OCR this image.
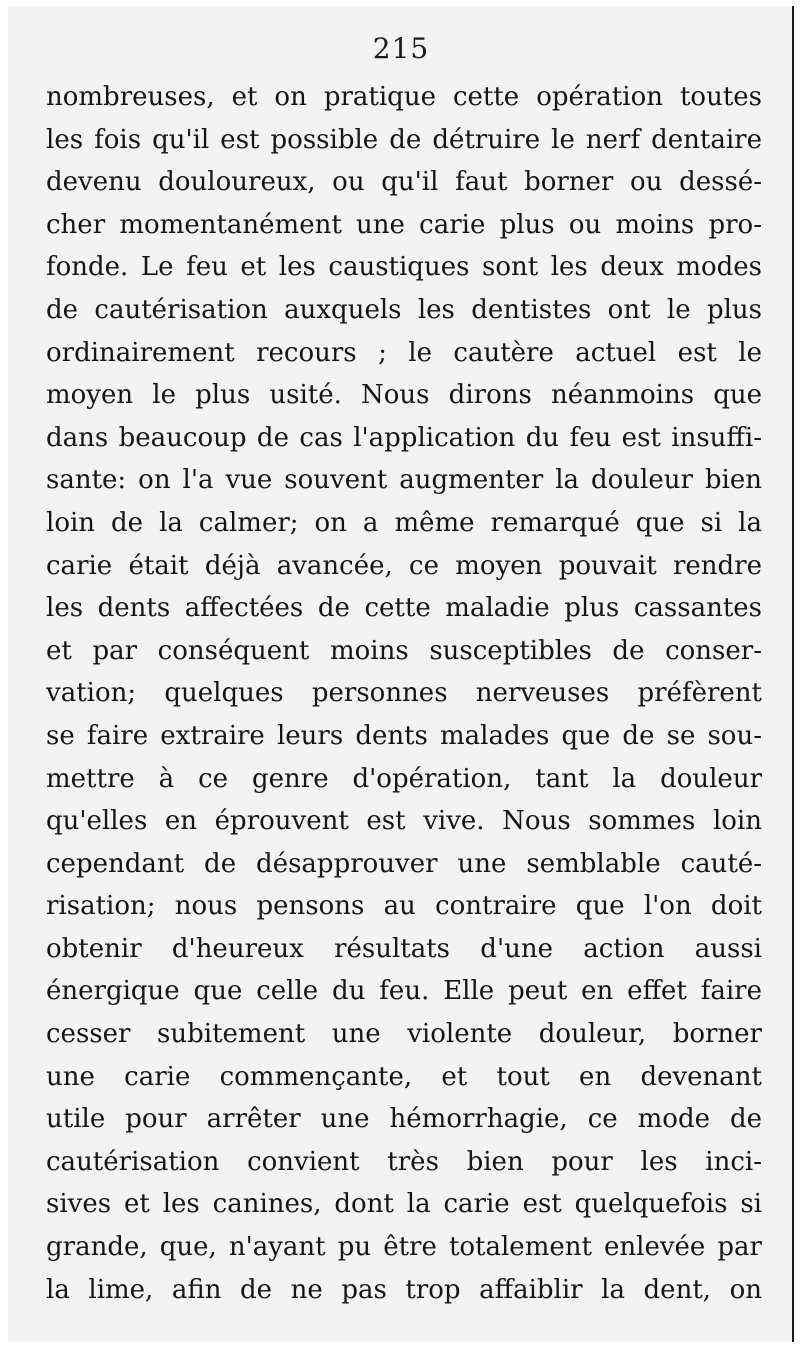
215
nombreuses, et on pratique cette opération toutes
les fois qu'il est possible de détruire le nerf dentaire
devenu douloureux, ou qu'il faut borner ou dessé-
cher momentanément une carie plus ou moins pro-
fonde. Le feu et les caustiques sont les deux modes
de cautérisation auxquels les dentistes ont le plus
ordinairement recours ; le cautère actuel est le
moyen le plus usité. Nous dirons néanmoins que
dans beaucoup de cas l'application du feu est insuffi-
sante: on l'a vue souvent augmenter la douleur bien
loin de la calmer; on a même remarqué que si la
carie était déjà avancée, ce moyen pouvait rendre
les dents affectées de cette maladie plus cassantes
et par conséquent moins susceptibles de conser-
vation; quelques personnes nerveuses préfèrent
se faire extraire leurs dents malades que de se sou-
mettre à ce genre d'opération, tant la douleur
qu'elles en éprouvent est vive. Nous sommes loin
cependant de désapprouver une semblable cauté-
risation; nous pensons au contraire que l'on doit
obtenir d'heureux résultats d'une action aussi
énergique que celle du feu. Elle peut en effet faire
cesser subitement une violente douleur, borner
une carie commençante, et tout en devenant
utile pour arrêter une hémorrhagie, ce mode de
cautérisation convient très bien pour les inci-
sives et les canines, dont la carie est quelquefois si
grande, que, n'ayant pu être totalement enlevée par
la lime, afin de ne pas trop affaiblir la dent, on
